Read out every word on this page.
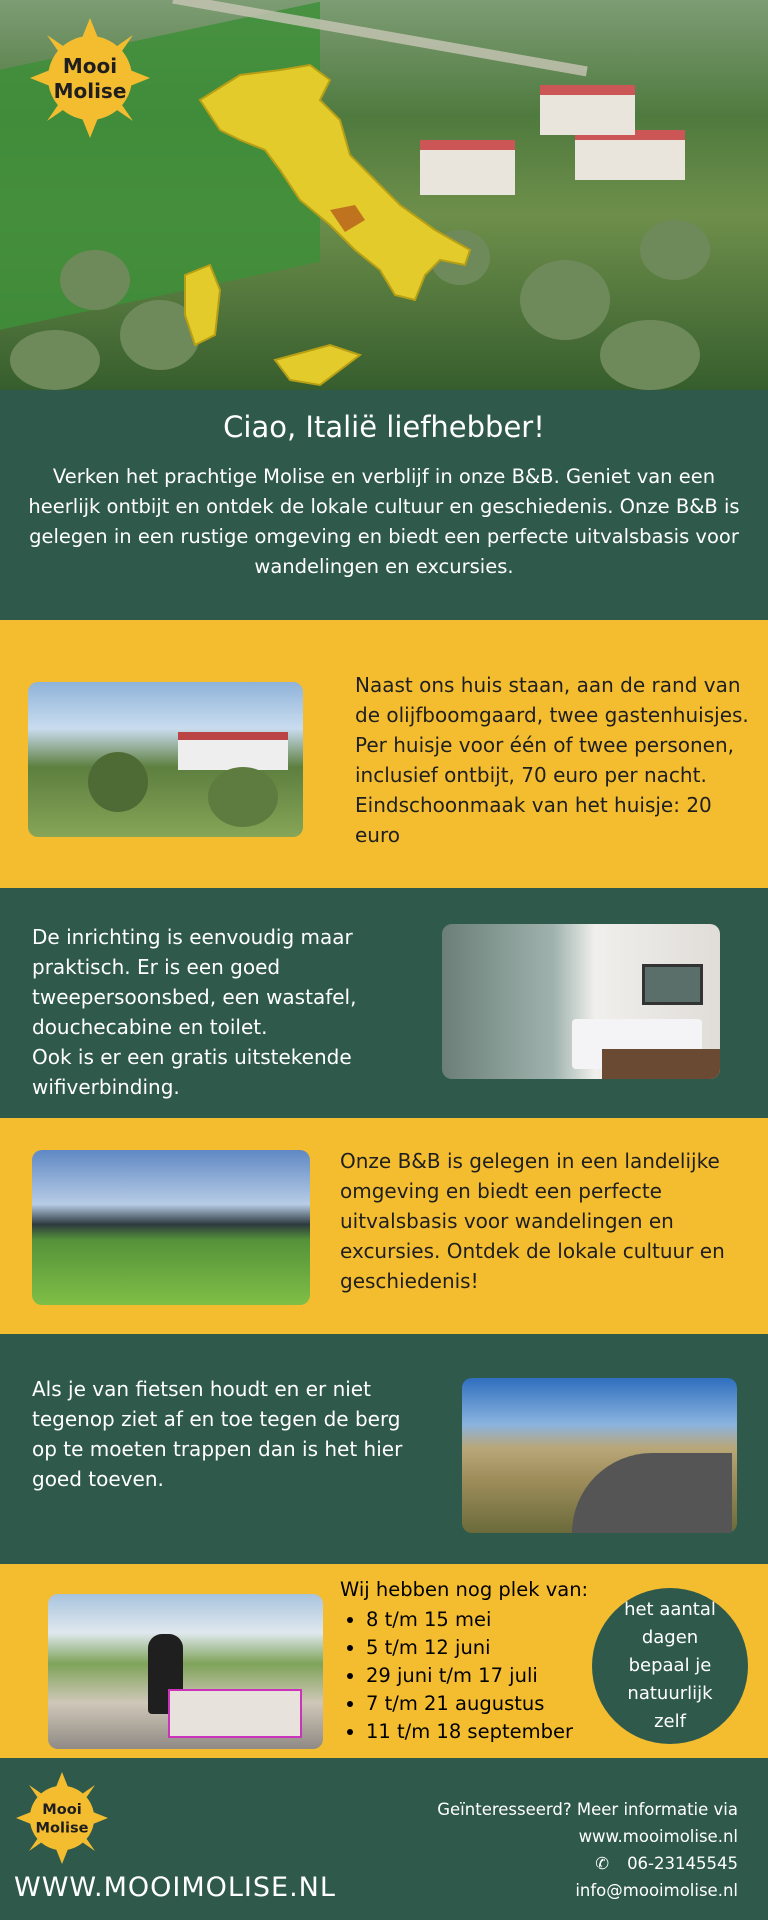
Mooi
Molise
Ciao, Italië liefhebber!

Verken het prachtige Molise en verblijf in onze B&B. Geniet van een heerlijk ontbijt en ontdek de lokale cultuur en geschiedenis. Onze B&B is gelegen in een rustige omgeving en biedt een perfecte uitvalsbasis voor wandelingen en excursies.

Naast ons huis staan, aan de rand van de olijfboomgaard, twee gastenhuisjes. Per huisje voor één of twee personen, inclusief ontbijt, 70 euro per nacht. Eindschoonmaak van het huisje: 20 euro
De inrichting is eenvoudig maar praktisch. Er is een goed tweepersoonsbed, een wastafel, douchecabine en toilet.
Ook is er een gratis uitstekende wifiverbinding.
Onze B&B is gelegen in een landelijke omgeving en biedt een perfecte uitvalsbasis voor wandelingen en excursies. Ontdek de lokale cultuur en geschiedenis!
Als je van fietsen houdt en er niet tegenop ziet af en toe tegen de berg op te moeten trappen dan is het hier goed toeven.
Wij hebben nog plek van:
• 8 t/m 15 mei
• 5 t/m 12 juni
• 29 juni t/m 17 juli
• 7 t/m 21 augustus
• 11 t/m 18 september
het aantal dagen bepaal je natuurlijk zelf
Mooi
Molise
WWW.MOOIMOLISE.NL
Geïnteresseerd? Meer informatie via
www.mooimolise.nl
✆ 06-23145545
info@mooimolise.nl
